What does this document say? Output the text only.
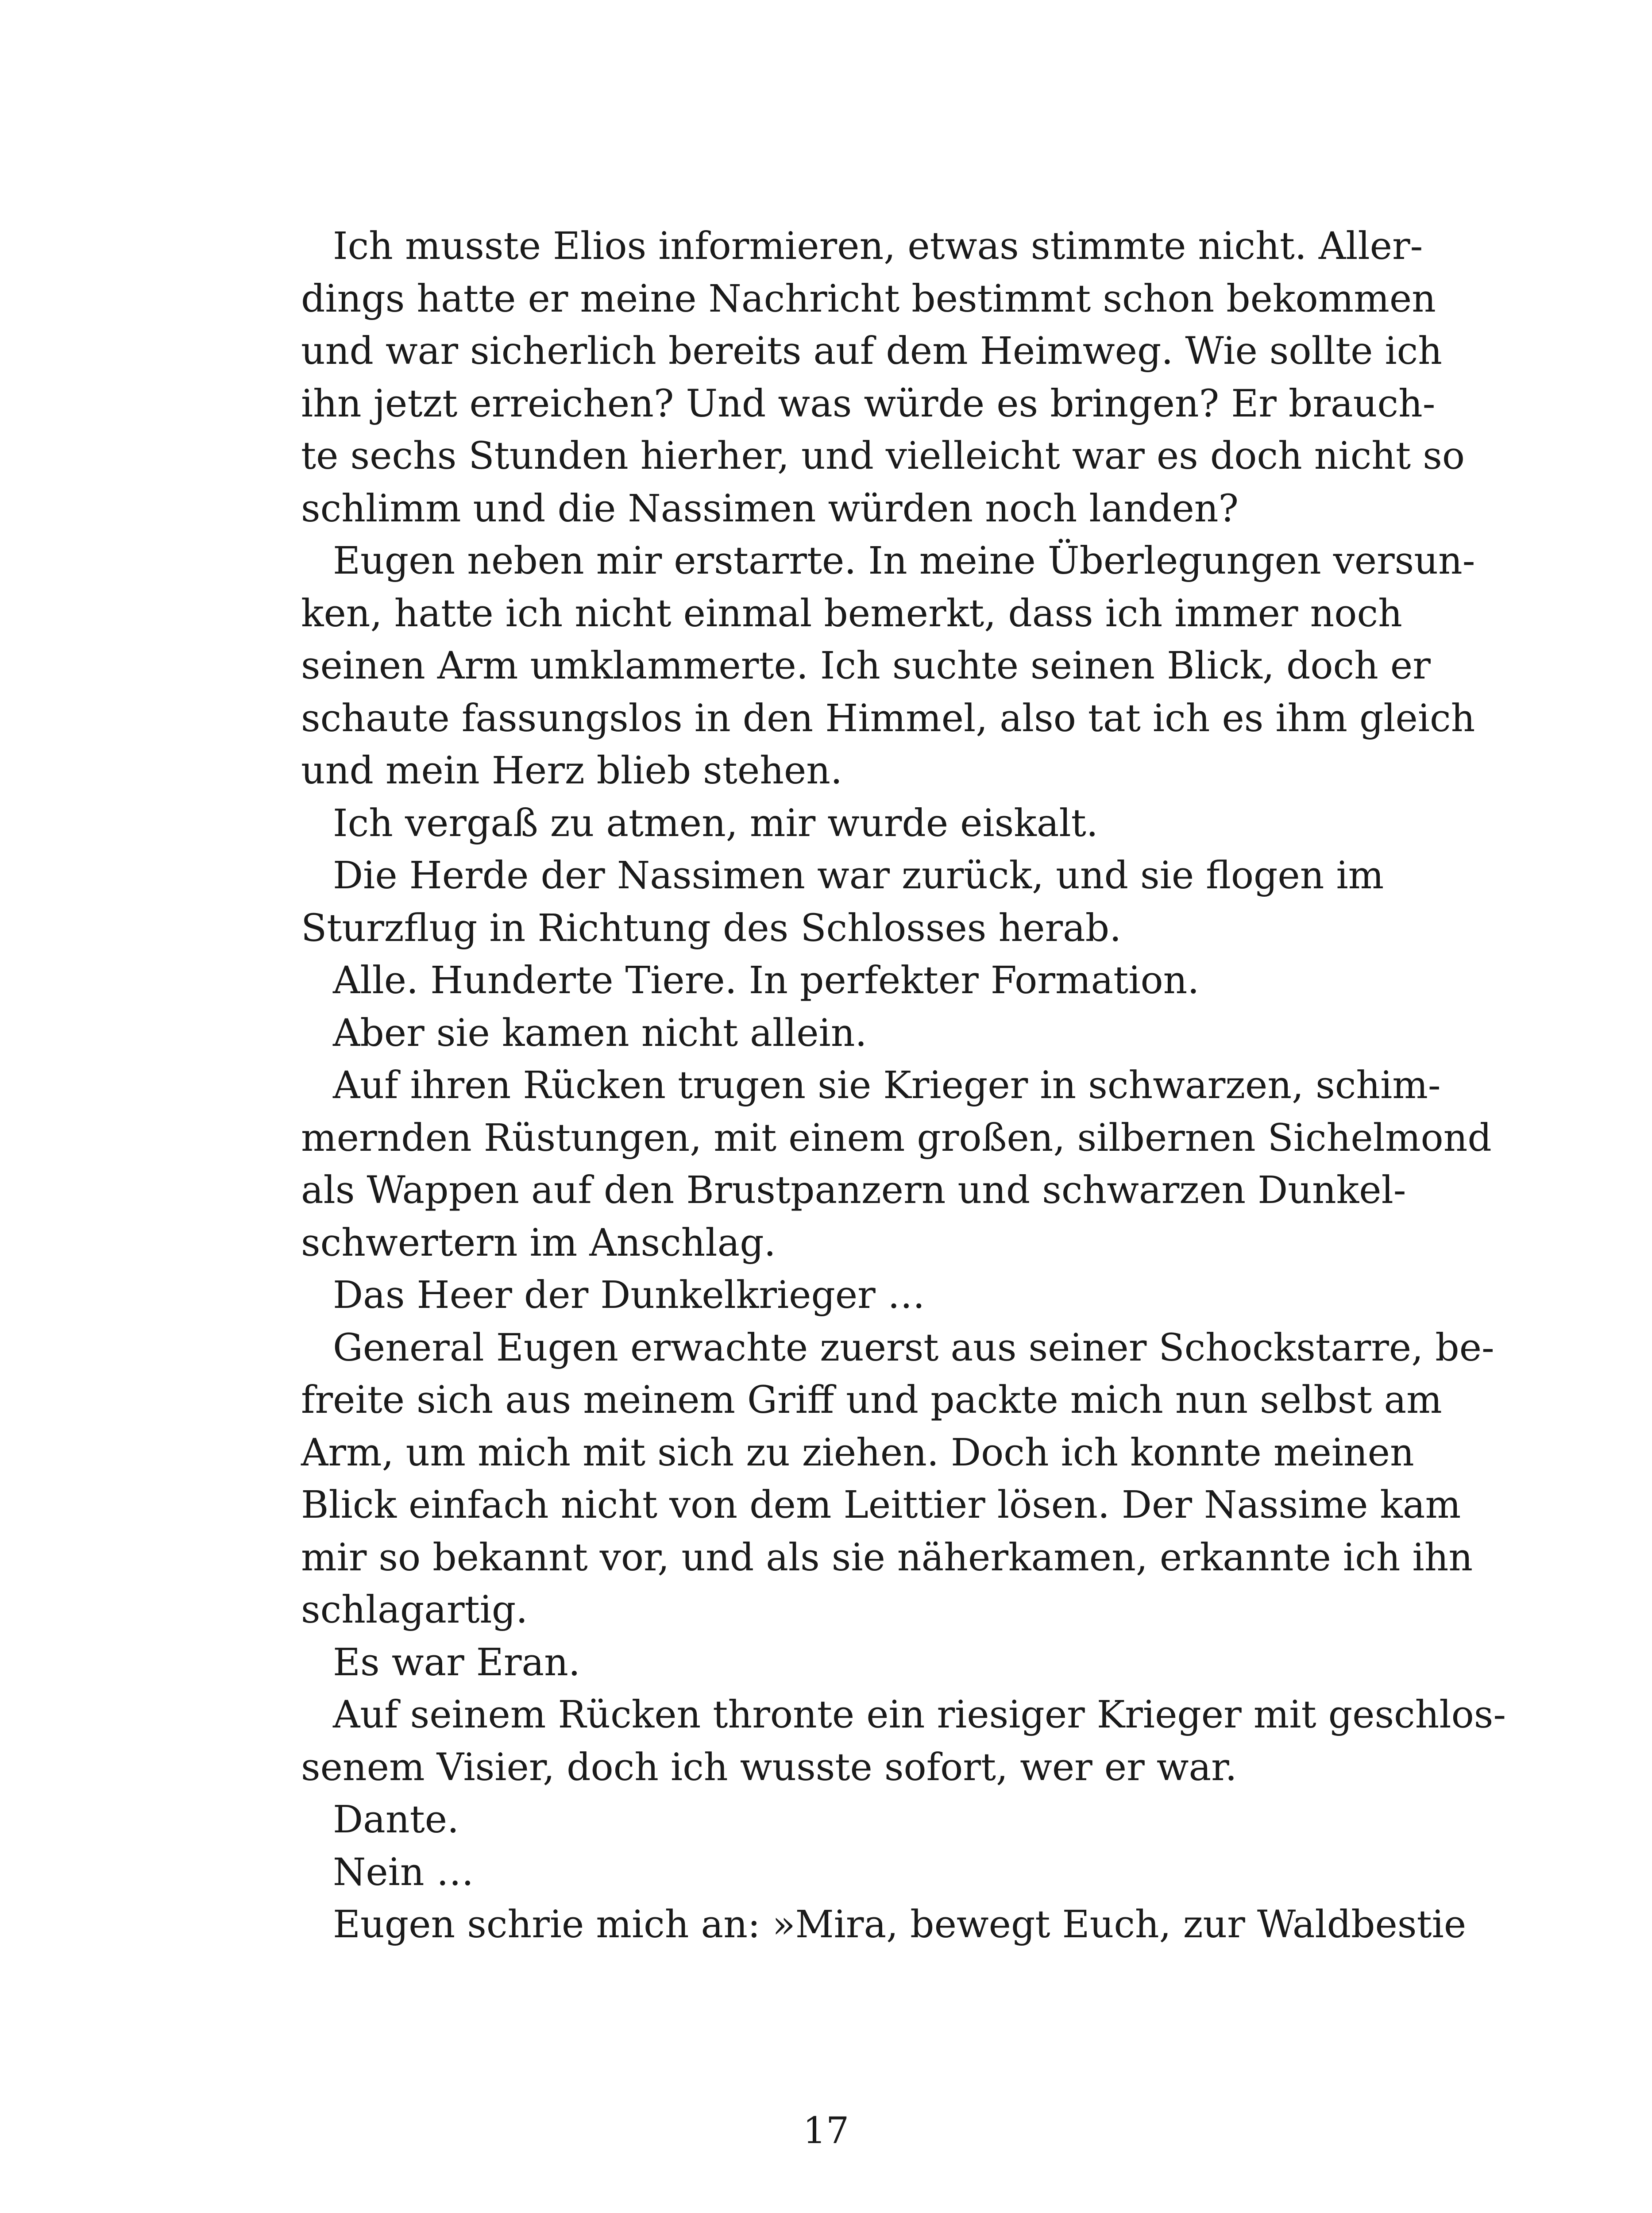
Ich musste Elios informieren, etwas stimmte nicht. Aller-
dings hatte er meine Nachricht bestimmt schon bekommen
und war sicherlich bereits auf dem Heimweg. Wie sollte ich
ihn jetzt erreichen? Und was würde es bringen? Er brauch-
te sechs Stunden hierher, und vielleicht war es doch nicht so
schlimm und die Nassimen würden noch landen?
Eugen neben mir erstarrte. In meine Überlegungen versun-
ken, hatte ich nicht einmal bemerkt, dass ich immer noch
seinen Arm umklammerte. Ich suchte seinen Blick, doch er
schaute fassungslos in den Himmel, also tat ich es ihm gleich
und mein Herz blieb stehen.
Ich vergaß zu atmen, mir wurde eiskalt.
Die Herde der Nassimen war zurück, und sie flogen im
Sturzflug in Richtung des Schlosses herab.
Alle. Hunderte Tiere. In perfekter Formation.
Aber sie kamen nicht allein.
Auf ihren Rücken trugen sie Krieger in schwarzen, schim-
mernden Rüstungen, mit einem großen, silbernen Sichelmond
als Wappen auf den Brustpanzern und schwarzen Dunkel-
schwertern im Anschlag.
Das Heer der Dunkelkrieger …
General Eugen erwachte zuerst aus seiner Schockstarre, be-
freite sich aus meinem Griff und packte mich nun selbst am
Arm, um mich mit sich zu ziehen. Doch ich konnte meinen
Blick einfach nicht von dem Leittier lösen. Der Nassime kam
mir so bekannt vor, und als sie näherkamen, erkannte ich ihn
schlagartig.
Es war Eran.
Auf seinem Rücken thronte ein riesiger Krieger mit geschlos-
senem Visier, doch ich wusste sofort, wer er war.
Dante.
Nein …
Eugen schrie mich an: »Mira, bewegt Euch, zur Waldbestie
17
